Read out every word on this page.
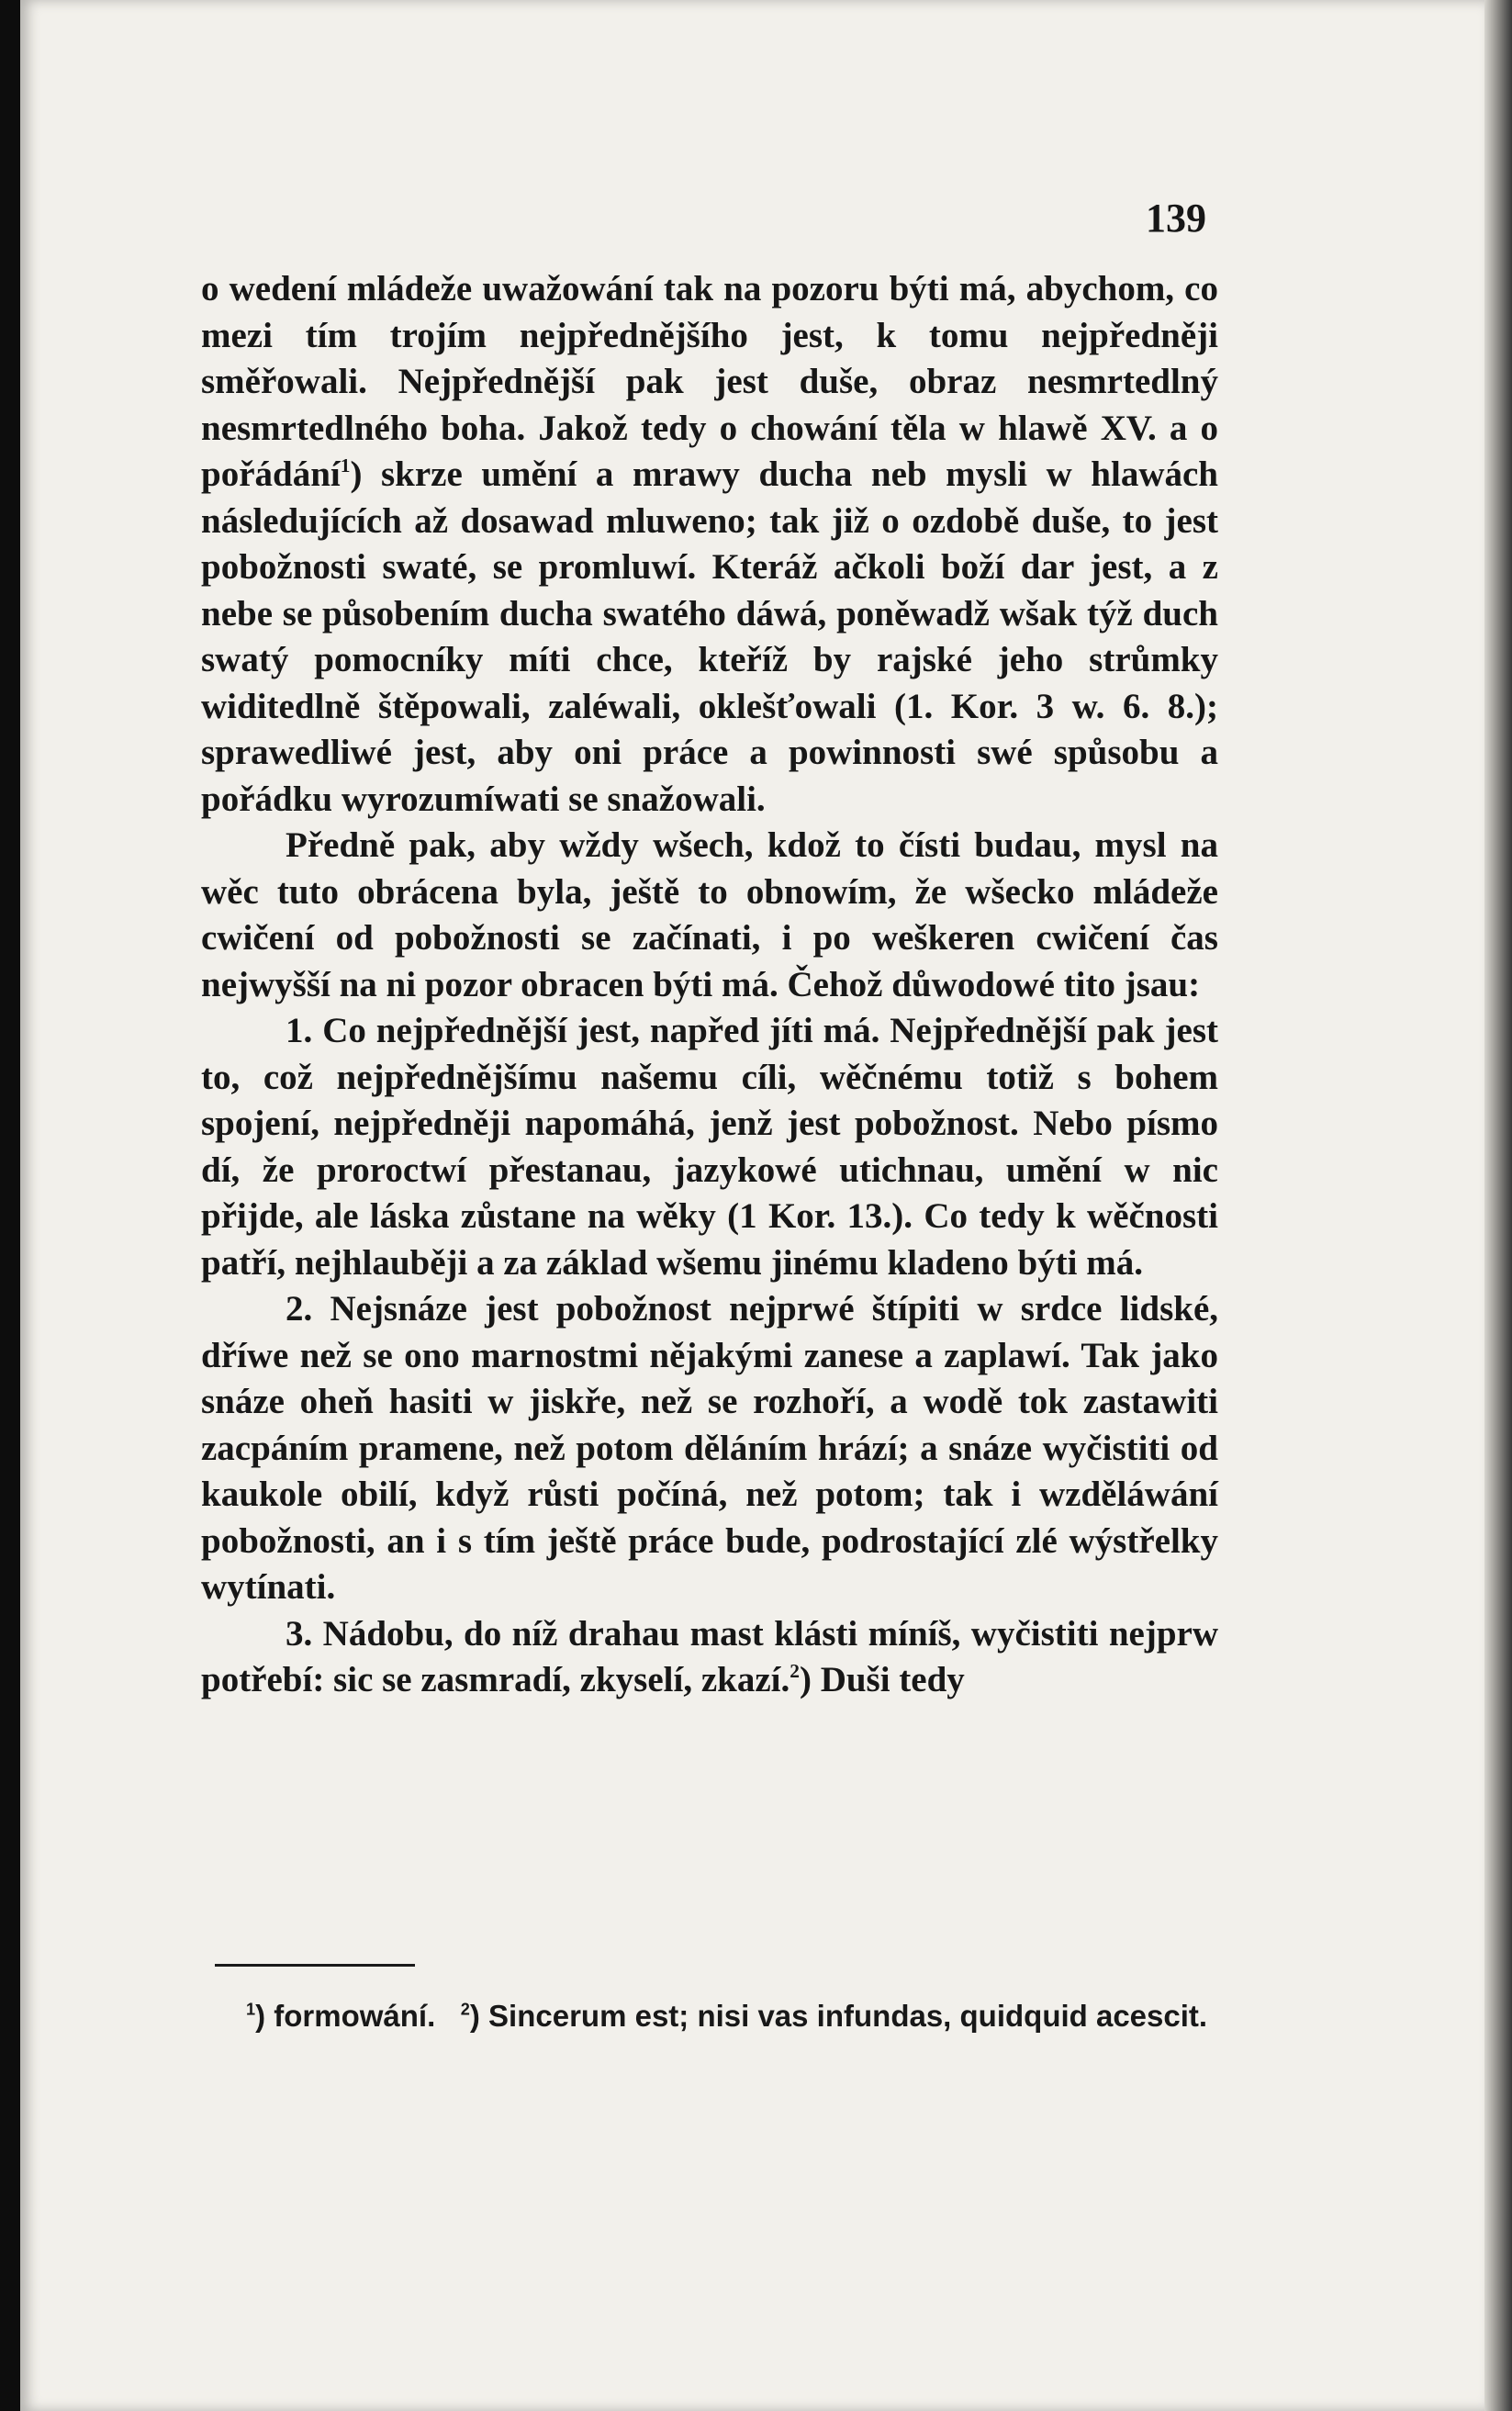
139

o wedení mládeže uwažowání tak na pozoru býti má, abychom, co mezi tím trojím nejpřednějšího jest, k tomu nejpředněji směřowali. Nejpřednější pak jest duše, obraz nesmrtedlný nesmrtedlného boha. Jakož tedy o chowání těla w hlawě XV. a o pořádání$^1$) skrze umění a mrawy ducha neb mysli w hlawách následujících až dosawad mluweno; tak již o ozdobě duše, to jest pobožnosti swaté, se promluwí. Kteráž ačkoli boží dar jest, a z nebe se působením ducha swatého dáwá, poněwadž wšak týž duch swatý pomocníky míti chce, kteříž by rajské jeho strůmky widitedlně štěpowali, zaléwali, oklešťowali (1. Kor. 3 w. 6. 8.); sprawedliwé jest, aby oni práce a powinnosti swé spůsobu a pořádku wyrozumíwati se snažowali.

Předně pak, aby wždy wšech, kdož to čísti budau, mysl na wěc tuto obrácena byla, ještě to obnowím, že wšecko mládeže cwičení od pobožnosti se začínati, i po weškeren cwičení čas nejwyšší na ni pozor obracen býti má. Čehož důwodowé tito jsau:

1. Co nejpřednější jest, napřed jíti má. Nejpřednější pak jest to, což nejpřednějšímu našemu cíli, wěčnému totiž s bohem spojení, nejpředněji napomáhá, jenž jest pobožnost. Nebo písmo dí, že proroctwí přestanau, jazykowé utichnau, umění w nic přijde, ale láska zůstane na wěky (1 Kor. 13.). Co tedy k wěčnosti patří, nejhlauběji a za základ wšemu jinému kladeno býti má.

2. Nejsnáze jest pobožnost nejprwé štípiti w srdce lidské, dříwe než se ono marnostmi nějakými zanese a zaplawí. Tak jako snáze oheň hasiti w jiskře, než se rozhoří, a wodě tok zastawiti zacpáním pramene, než potom děláním hrází; a snáze wyčistiti od kaukole obilí, když růsti počíná, než potom; tak i wzděláwání pobožnosti, an i s tím ještě práce bude, podrostající zlé wýstřelky wytínati.

3. Nádobu, do níž drahau mast klásti míníš, wyčistiti nejprw potřebí: sic se zasmradí, zkyselí, zkazí.$^2$) Duši tedy

$^1$) formowání. $^2$) Sincerum est; nisi vas infundas, quidquid acescit.
